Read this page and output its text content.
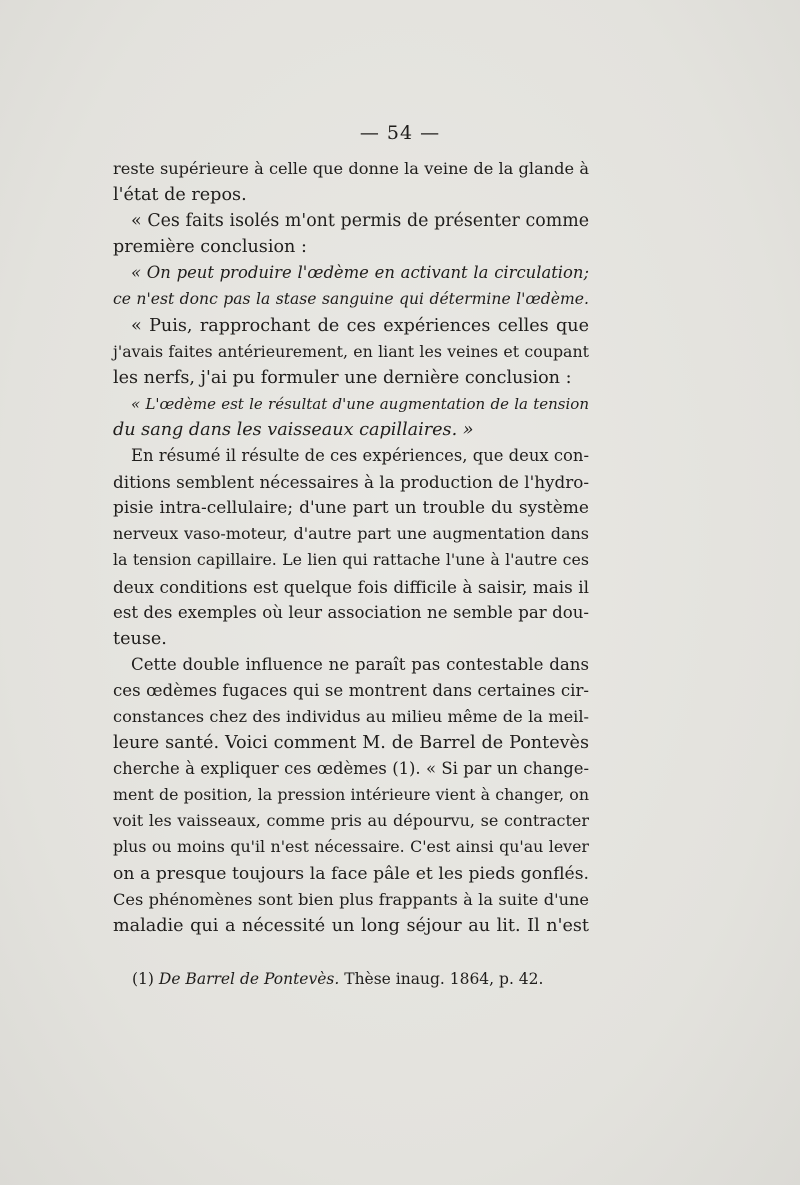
— 54 —
reste supérieure à celle que donne la veine de la glande à
l'état de repos.
« Ces faits isolés m'ont permis de présenter comme
première conclusion :
« On peut produire l'œdème en activant la circulation;
ce n'est donc pas la stase sanguine qui détermine l'œdème.
« Puis, rapprochant de ces expériences celles que
j'avais faites antérieurement, en liant les veines et coupant
les nerfs, j'ai pu formuler une dernière conclusion :
« L'œdème est le résultat d'une augmentation de la tension
du sang dans les vaisseaux capillaires. »
En résumé il résulte de ces expériences, que deux con-
ditions semblent nécessaires à la production de l'hydro-
pisie intra-cellulaire; d'une part un trouble du système
nerveux vaso-moteur, d'autre part une augmentation dans
la tension capillaire. Le lien qui rattache l'une à l'autre ces
deux conditions est quelque fois difficile à saisir, mais il
est des exemples où leur association ne semble par dou-
teuse.
Cette double influence ne paraît pas contestable dans
ces œdèmes fugaces qui se montrent dans certaines cir-
constances chez des individus au milieu même de la meil-
leure santé. Voici comment M. de Barrel de Pontevès
cherche à expliquer ces œdèmes (1). « Si par un change-
ment de position, la pression intérieure vient à changer, on
voit les vaisseaux, comme pris au dépourvu, se contracter
plus ou moins qu'il n'est nécessaire. C'est ainsi qu'au lever
on a presque toujours la face pâle et les pieds gonflés.
Ces phénomènes sont bien plus frappants à la suite d'une
maladie qui a nécessité un long séjour au lit. Il n'est
(1) De Barrel de Pontevès. Thèse inaug. 1864, p. 42.
